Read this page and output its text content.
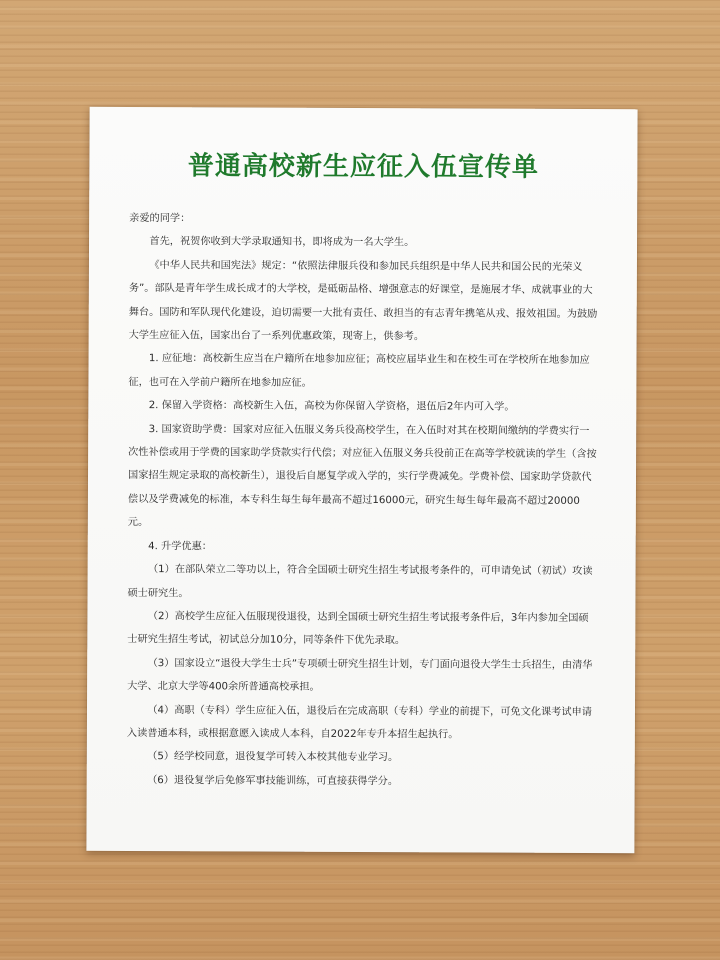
普通高校新生应征入伍宣传单

亲爱的同学：

首先，祝贺你收到大学录取通知书，即将成为一名大学生。

《中华人民共和国宪法》规定：“依照法律服兵役和参加民兵组织是中华人民共和国公民的光荣义务”。部队是青年学生成长成才的大学校，是砥砺品格、增强意志的好课堂，是施展才华、成就事业的大舞台。国防和军队现代化建设，迫切需要一大批有责任、敢担当的有志青年携笔从戎、报效祖国。为鼓励大学生应征入伍，国家出台了一系列优惠政策，现寄上，供参考。

1. 应征地：高校新生应当在户籍所在地参加应征；高校应届毕业生和在校生可在学校所在地参加应征，也可在入学前户籍所在地参加应征。

2. 保留入学资格：高校新生入伍，高校为你保留入学资格，退伍后2年内可入学。

3. 国家资助学费：国家对应征入伍服义务兵役高校学生，在入伍时对其在校期间缴纳的学费实行一次性补偿或用于学费的国家助学贷款实行代偿；对应征入伍服义务兵役前正在高等学校就读的学生（含按国家招生规定录取的高校新生），退役后自愿复学或入学的，实行学费减免。学费补偿、国家助学贷款代偿以及学费减免的标准，本专科生每生每年最高不超过16000元，研究生每生每年最高不超过20000元。

4. 升学优惠：

（1）在部队荣立二等功以上，符合全国硕士研究生招生考试报考条件的，可申请免试（初试）攻读硕士研究生。

（2）高校学生应征入伍服现役退役，达到全国硕士研究生招生考试报考条件后，3年内参加全国硕士研究生招生考试，初试总分加10分，同等条件下优先录取。

（3）国家设立“退役大学生士兵”专项硕士研究生招生计划，专门面向退役大学生士兵招生，由清华大学、北京大学等400余所普通高校承担。

（4）高职（专科）学生应征入伍，退役后在完成高职（专科）学业的前提下，可免文化课考试申请入读普通本科，或根据意愿入读成人本科，自2022年专升本招生起执行。

（5）经学校同意，退役复学可转入本校其他专业学习。

（6）退役复学后免修军事技能训练，可直接获得学分。
